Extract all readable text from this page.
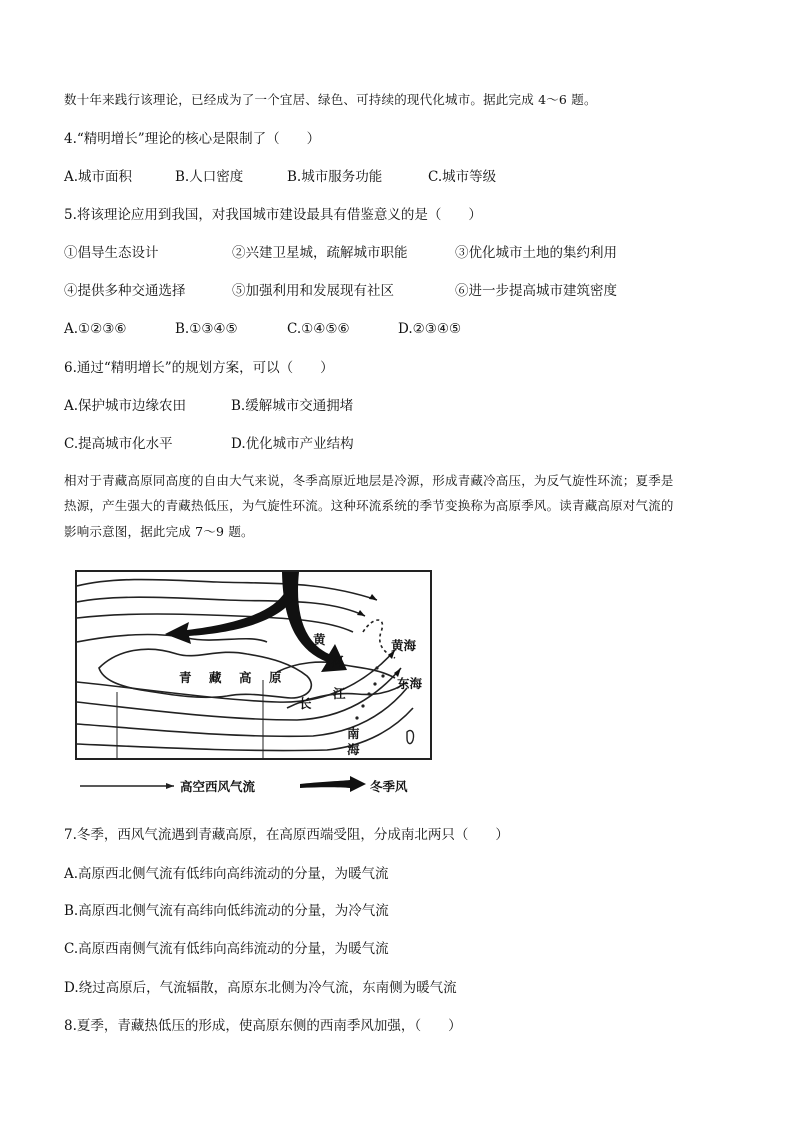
数十年来践行该理论，已经成为了一个宜居、绿色、可持续的现代化城市。据此完成 4～6 题。
4.“精明增长”理论的核心是限制了（　　）
A.城市面积	B.人口密度	B.城市服务功能	C.城市等级
5.将该理论应用到我国，对我国城市建设最具有借鉴意义的是（　　）
①倡导生态设计	②兴建卫星城，疏解城市职能	③优化城市土地的集约利用
④提供多种交通选择	⑤加强利用和发展现有社区	⑥进一步提高城市建筑密度
A.①②③⑥	B.①③④⑤	C.①④⑤⑥	D.②③④⑤
6.通过“精明增长”的规划方案，可以（　　）
A.保护城市边缘农田	B.缓解城市交通拥堵
C.提高城市化水平	D.优化城市产业结构
相对于青藏高原同高度的自由大气来说，冬季高原近地层是冷源，形成青藏冷高压，为反气旋性环流；夏季是
热源，产生强大的青藏热低压，为气旋性环流。这种环流系统的季节变换称为高原季风。读青藏高原对气流的
影响示意图，据此完成 7～9 题。
青 藏 高 原
黄
河
长
江
黄海
东海
南
海
高空西风气流	冬季风
7.冬季，西风气流遇到青藏高原，在高原西端受阻，分成南北两只（　　）
A.高原西北侧气流有低纬向高纬流动的分量，为暖气流
B.高原西北侧气流有高纬向低纬流动的分量，为冷气流
C.高原西南侧气流有低纬向高纬流动的分量，为暖气流
D.绕过高原后，气流辐散，高原东北侧为冷气流，东南侧为暖气流
8.夏季，青藏热低压的形成，使高原东侧的西南季风加强，（　　）
